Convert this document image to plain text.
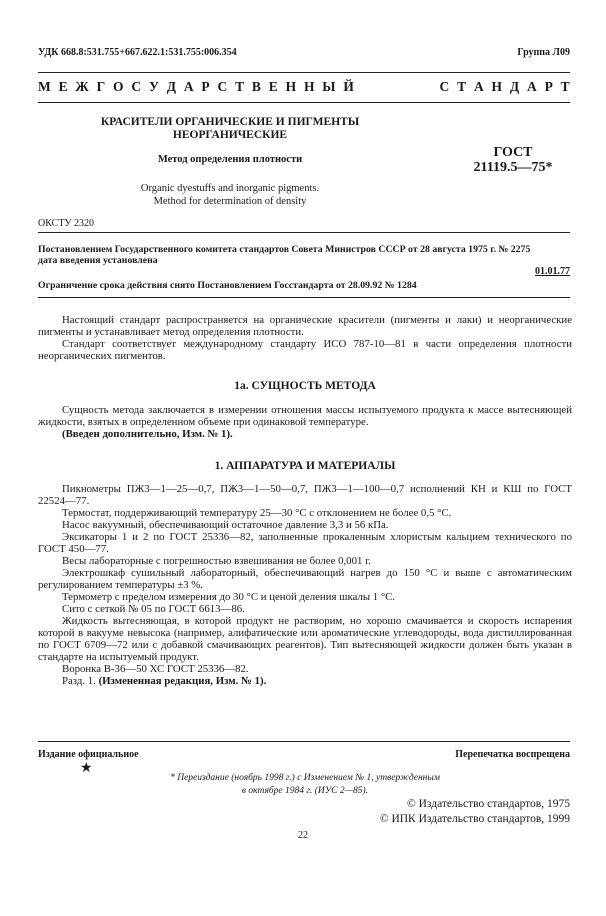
УДК 668.8:531.755+667.622.1:531.755:006.354	Группа Л09
М Е Ж Г О С У Д А Р С Т В Е Н Н Ы Й	С Т А Н Д А Р Т
КРАСИТЕЛИ ОРГАНИЧЕСКИЕ И ПИГМЕНТЫ
НЕОРГАНИЧЕСКИЕ
Метод определения плотности	ГОСТ
21119.5—75*
Organic dyestuffs and inorganic pigments.
Method for determination of density
ОКСТУ 2320
Постановлением Государственного комитета стандартов Совета Министров СССР от 28 августа 1975 г. № 2275
дата введения установлена
01.01.77
Ограничение срока действия снято Постановлением Госстандарта от 28.09.92 № 1284

Настоящий стандарт распространяется на органические красители (пигменты и лаки) и неорганические пигменты и устанавливает метод определения плотности.

Стандарт соответствует международному стандарту ИСО 787-10—81 в части определения плотности неорганических пигментов.

1а. СУЩНОСТЬ МЕТОДА

Сущность метода заключается в измерении отношения массы испытуемого продукта к массе вытесняющей жидкости, взятых в определенном объеме при одинаковой температуре.

(Введен дополнительно, Изм. № 1).

1. АППАРАТУРА И МАТЕРИАЛЫ

Пикнометры ПЖ3—1—25—0,7, ПЖ3—1—50—0,7, ПЖ3—1—100—0,7 исполнений КН и КШ по ГОСТ 22524—77.

Термостат, поддерживающий температуру 25—30 °С с отклонением не более 0,5 °С.

Насос вакуумный, обеспечивающий остаточное давление 3,3 и 56 кПа.

Эксикаторы 1 и 2 по ГОСТ 25336—82, заполненные прокаленным хлористым кальцием технического по ГОСТ 450—77.

Весы лабораторные с погрешностью взвешивания не более 0,001 г.

Электрошкаф сушильный лабораторный, обеспечивающий нагрев до 150 °С и выше с автоматическим регулированием температуры ±3 %.

Термометр с пределом измерения до 30 °С и ценой деления шкалы 1 °С.

Сито с сеткой № 05 по ГОСТ 6613—86.

Жидкость вытесняющая, в которой продукт не растворим, но хорошо смачивается и скорость испарения которой в вакууме невысока (например, алифатические или ароматические углеводороды, вода дистиллированная по ГОСТ 6709—72 или с добавкой смачивающих реагентов). Тип вытесняющей жидкости должен быть указан в стандарте на испытуемый продукт.

Воронка В-36—50 ХС ГОСТ 25336—82.

Разд. 1. (Измененная редакция, Изм. № 1).

Издание официальное	Перепечатка воспрещена
★
* Переиздание (ноябрь 1998 г.) с Изменением № 1, утвержденным
в октябре 1984 г. (ИУС 2—85).
© Издательство стандартов, 1975
© ИПК Издательство стандартов, 1999
22
